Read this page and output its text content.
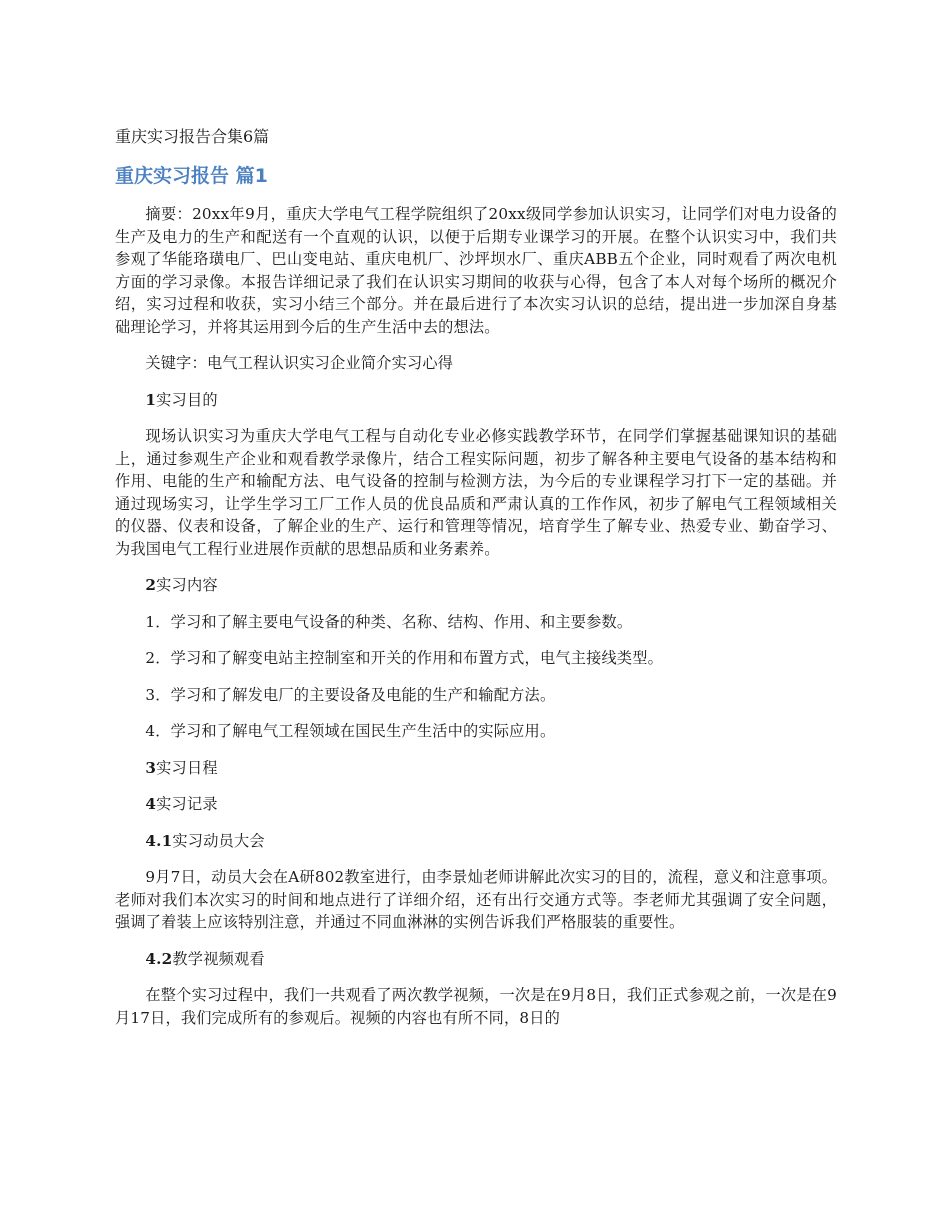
重庆实习报告合集6篇
重庆实习报告 篇1

摘要：20xx年9月，重庆大学电气工程学院组织了20xx级同学参加认识实习，让同学们对电力设备的生产及电力的生产和配送有一个直观的认识，以便于后期专业课学习的开展。在整个认识实习中，我们共参观了华能珞璜电厂、巴山变电站、重庆电机厂、沙坪坝水厂、重庆ABB五个企业，同时观看了两次电机方面的学习录像。本报告详细记录了我们在认识实习期间的收获与心得，包含了本人对每个场所的概况介绍，实习过程和收获，实习小结三个部分。并在最后进行了本次实习认识的总结，提出进一步加深自身基础理论学习，并将其运用到今后的生产生活中去的想法。

关键字：电气工程认识实习企业简介实习心得

1实习目的

现场认识实习为重庆大学电气工程与自动化专业必修实践教学环节，在同学们掌握基础课知识的基础上，通过参观生产企业和观看教学录像片，结合工程实际问题，初步了解各种主要电气设备的基本结构和作用、电能的生产和输配方法、电气设备的控制与检测方法，为今后的专业课程学习打下一定的基础。并通过现场实习，让学生学习工厂工作人员的优良品质和严肃认真的工作作风，初步了解电气工程领域相关的仪器、仪表和设备，了解企业的生产、运行和管理等情况，培育学生了解专业、热爱专业、勤奋学习、为我国电气工程行业进展作贡献的思想品质和业务素养。

2实习内容

1．学习和了解主要电气设备的种类、名称、结构、作用、和主要参数。

2．学习和了解变电站主控制室和开关的作用和布置方式，电气主接线类型。

3．学习和了解发电厂的主要设备及电能的生产和输配方法。

4．学习和了解电气工程领域在国民生产生活中的实际应用。

3实习日程

4实习记录

4.1实习动员大会

9月7日，动员大会在A研802教室进行，由李景灿老师讲解此次实习的目的，流程，意义和注意事项。老师对我们本次实习的时间和地点进行了详细介绍，还有出行交通方式等。李老师尤其强调了安全问题，强调了着装上应该特别注意，并通过不同血淋淋的实例告诉我们严格服装的重要性。

4.2教学视频观看

在整个实习过程中，我们一共观看了两次教学视频，一次是在9月8日，我们正式参观之前，一次是在9月17日，我们完成所有的参观后。视频的内容也有所不同，8日的
